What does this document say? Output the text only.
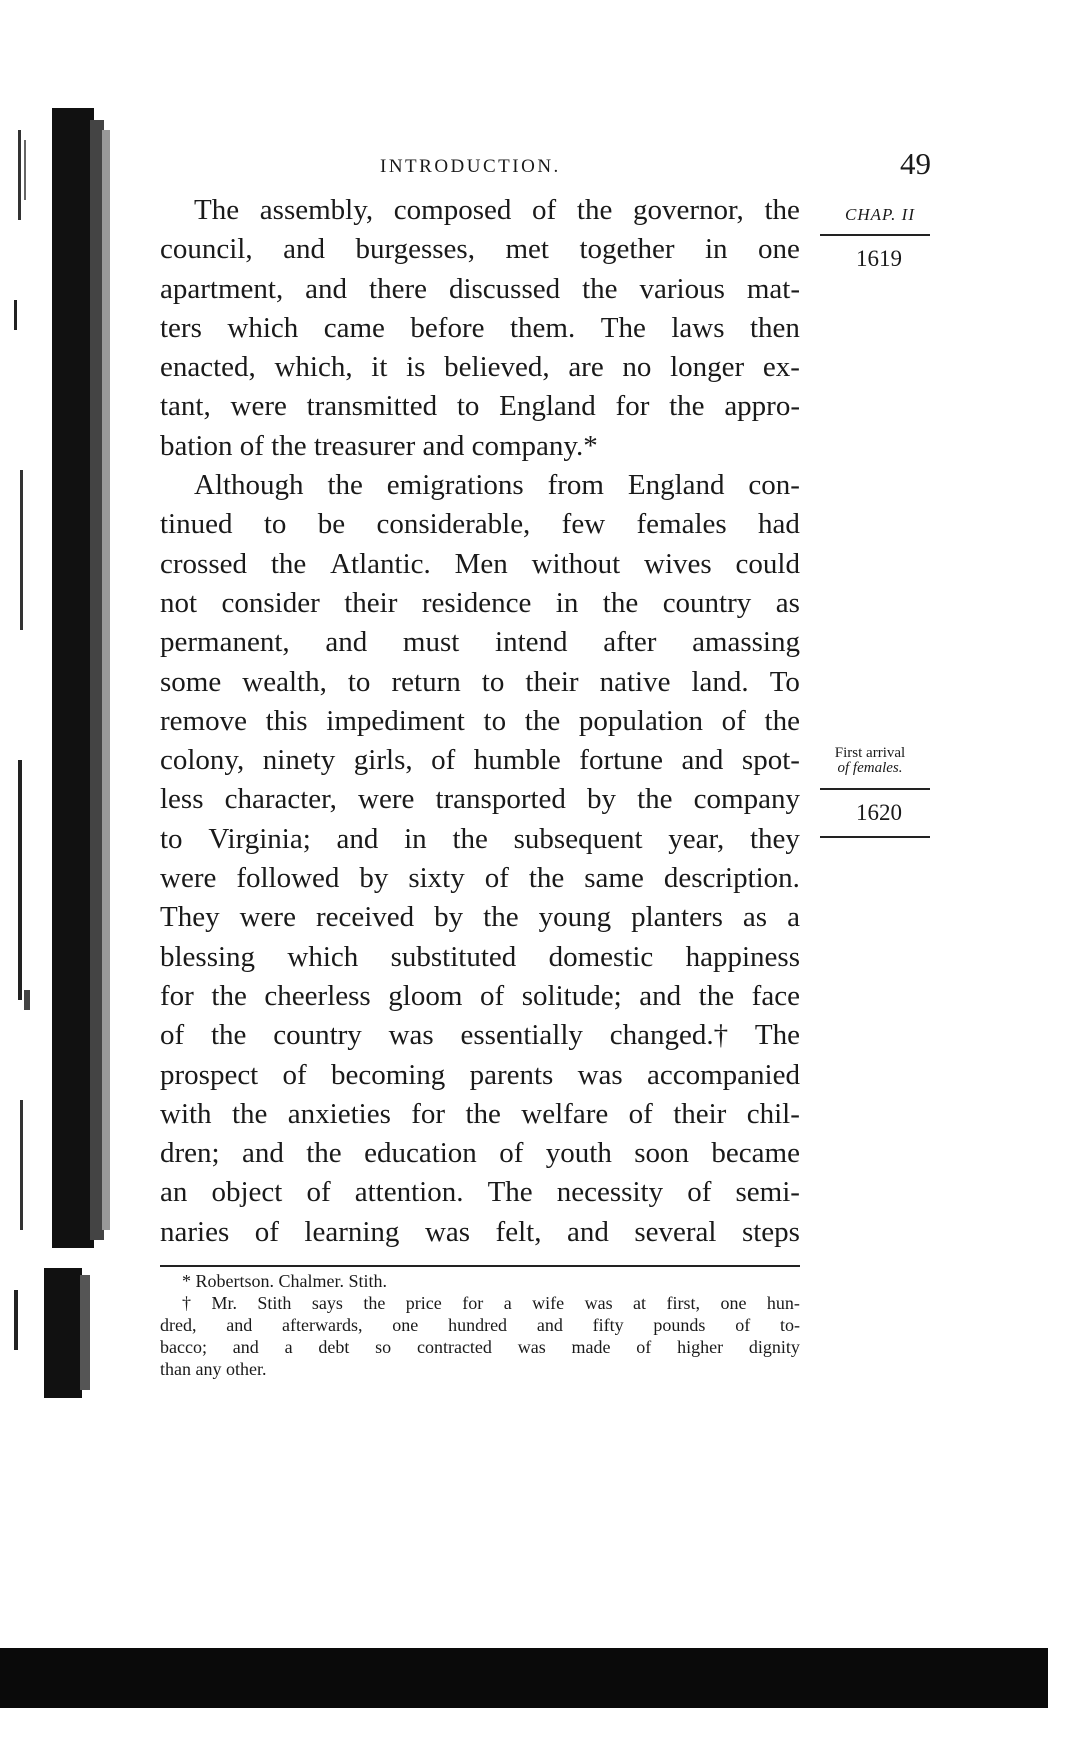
INTRODUCTION.	49
The assembly, composed of the governor, the
council, and burgesses, met together in one
apartment, and there discussed the various mat-
ters which came before them. The laws then
enacted, which, it is believed, are no longer ex-
tant, were transmitted to England for the appro-
bation of the treasurer and company.*
Although the emigrations from England con-
tinued to be considerable, few females had
crossed the Atlantic. Men without wives could
not consider their residence in the country as
permanent, and must intend after amassing
some wealth, to return to their native land. To
remove this impediment to the population of the
colony, ninety girls, of humble fortune and spot-
less character, were transported by the company
to Virginia; and in the subsequent year, they
were followed by sixty of the same description.
They were received by the young planters as a
blessing which substituted domestic happiness
for the cheerless gloom of solitude; and the face
of the country was essentially changed.† The
prospect of becoming parents was accompanied
with the anxieties for the welfare of their chil-
dren; and the education of youth soon became
an object of attention. The necessity of semi-
naries of learning was felt, and several steps
CHAP. II
1619
First arrival
of females.
1620
* Robertson. Chalmer. Stith.
† Mr. Stith says the price for a wife was at first, one hun-
dred, and afterwards, one hundred and fifty pounds of to-
bacco; and a debt so contracted was made of higher dignity
than any other.
